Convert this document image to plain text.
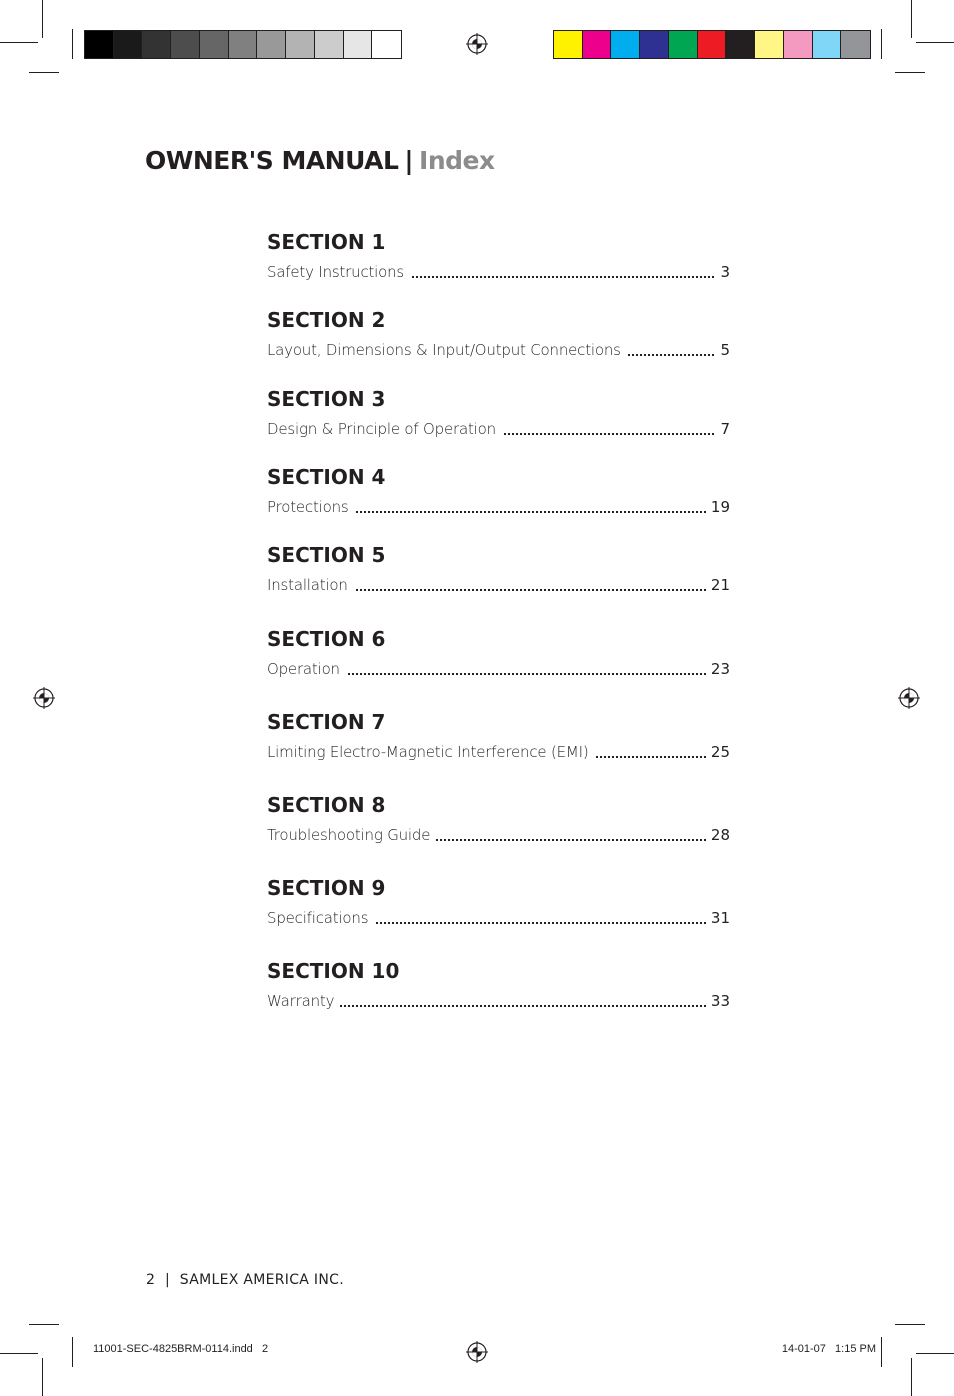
OWNER'S MANUAL | Index
SECTION 1
Safety Instructions	3
SECTION 2
Layout, Dimensions & Input/Output Connections	5
SECTION 3
Design & Principle of Operation	7
SECTION 4
Protections	19
SECTION 5
Installation	21
SECTION 6
Operation	23
SECTION 7
Limiting Electro-Magnetic Interference (EMI)	25
SECTION 8
Troubleshooting Guide	28
SECTION 9
Specifications	31
SECTION 10
Warranty	33
2 | SAMLEX AMERICA INC.
11001-SEC-4825BRM-0114.indd   2	14-01-07   1:15 PM
